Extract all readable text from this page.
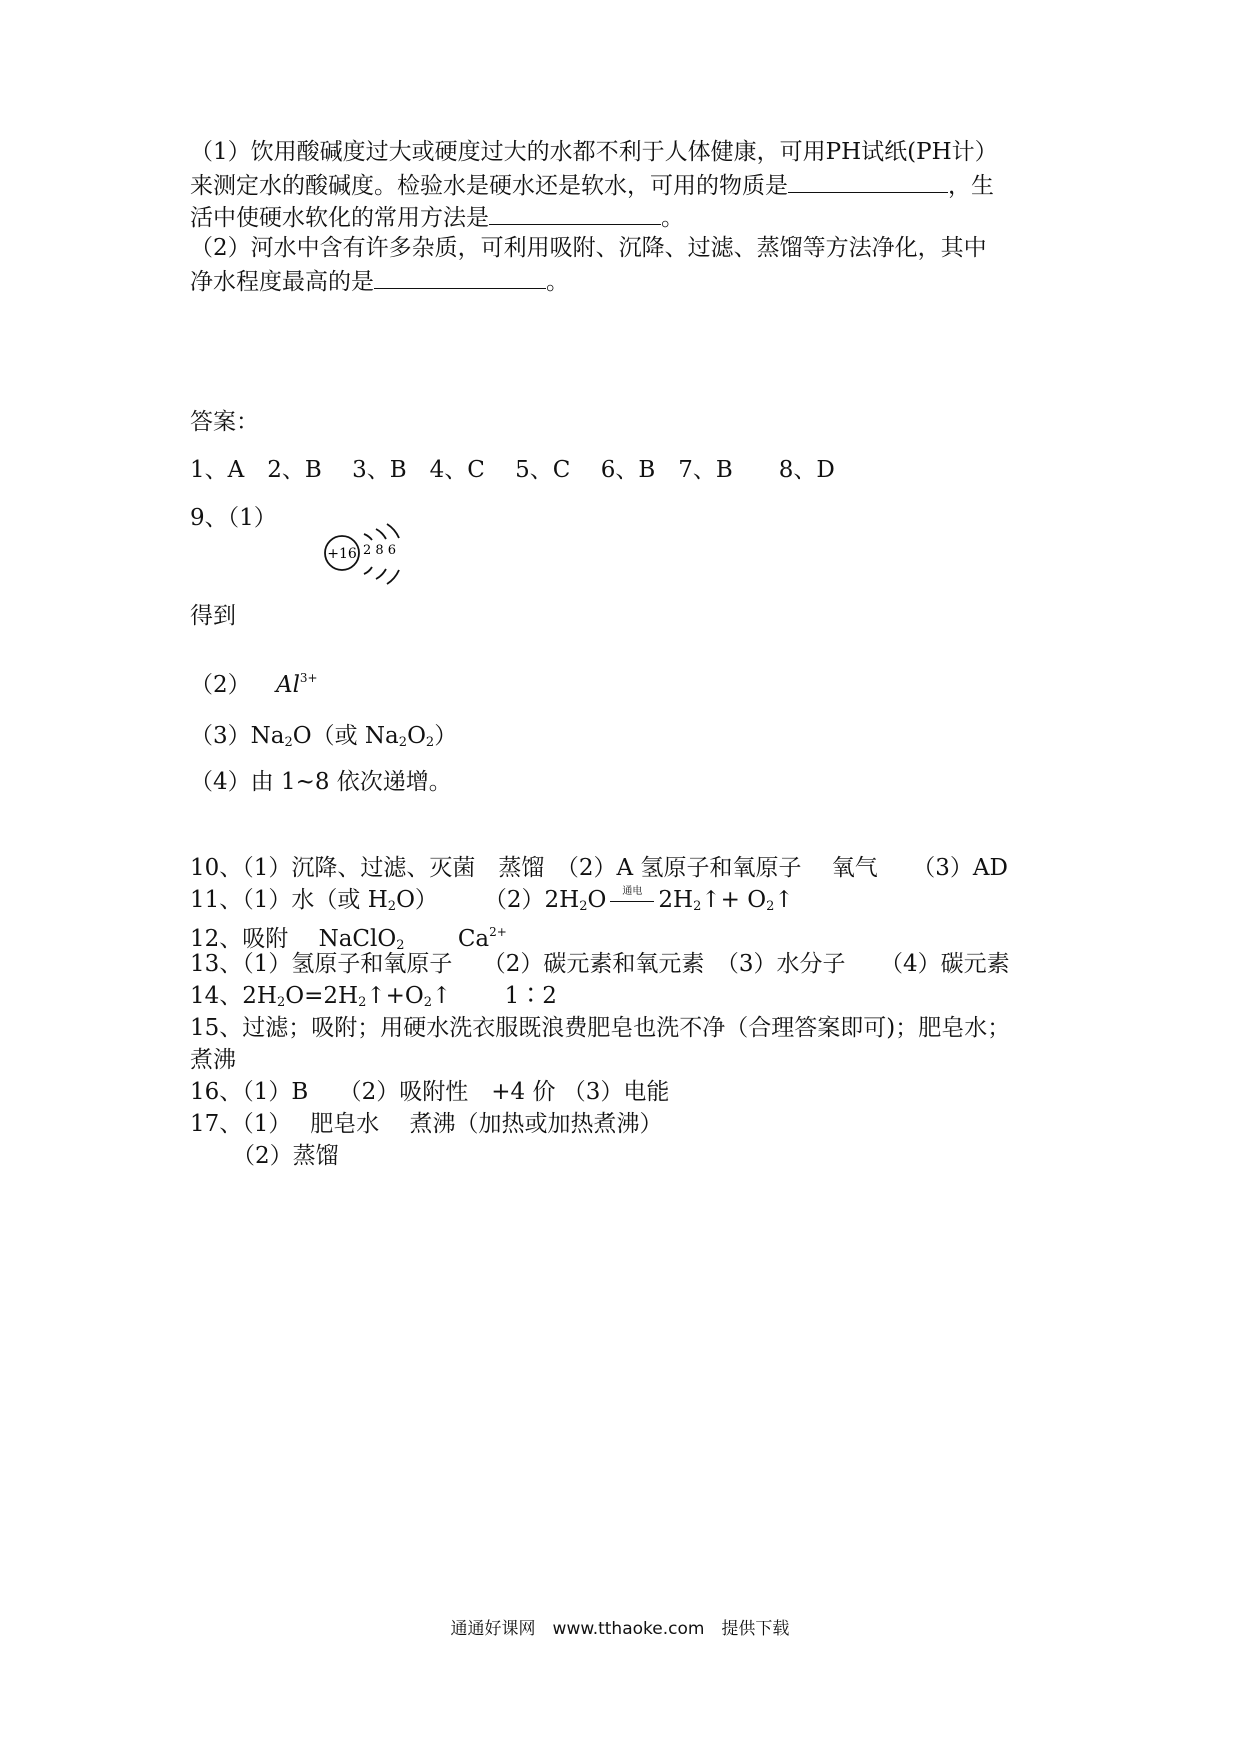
（1）饮用酸碱度过大或硬度过大的水都不利于人体健康，可用PH试纸(PH计）
来测定水的酸碱度。检验水是硬水还是软水，可用的物质是	，生
活中使硬水软化的常用方法是	。
（2）河水中含有许多杂质，可利用吸附、沉降、过滤、蒸馏等方法净化，其中
净水程度最高的是	。
答案：
1、A　2、B　 3、B　4、C　 5、C　 6、B　7、B　　8、D
9、（1）
+16 2 8 6
得到
（2） $Al^{3+}$
$(3)Na_2O$（或 $Na_2O_2$）
（4）由 1~8 依次递增。
10、（1）沉降、过滤、灭菌　蒸馏　（2）A 氢原子和氧原子　 氧气　　（3）AD
11、（1）水（或 $H_2O$）　　　$(2)2H_2O$	通电 $2H_2↑+$ $O_2↑$
12、吸附　 NaClO$_2$　　 $Ca^{2+}$
13、（1）氢原子和氧原子　 （2）碳元素和氧元素　（3）水分子　　（4）碳元素
14、$2H_2O=2H_2↑+O_2↑$　　 1∶2
15、过滤；吸附；用硬水洗衣服既浪费肥皂也洗不净（合理答案即可)；肥皂水；
煮沸
16、（1）B　 （2）吸附性　+4 价 （3）电能
17、（1）　 肥皂水　 煮沸（加热或加热煮沸）
（2）蒸馏
通通好课网　www.tthaoke.com　提供下载
